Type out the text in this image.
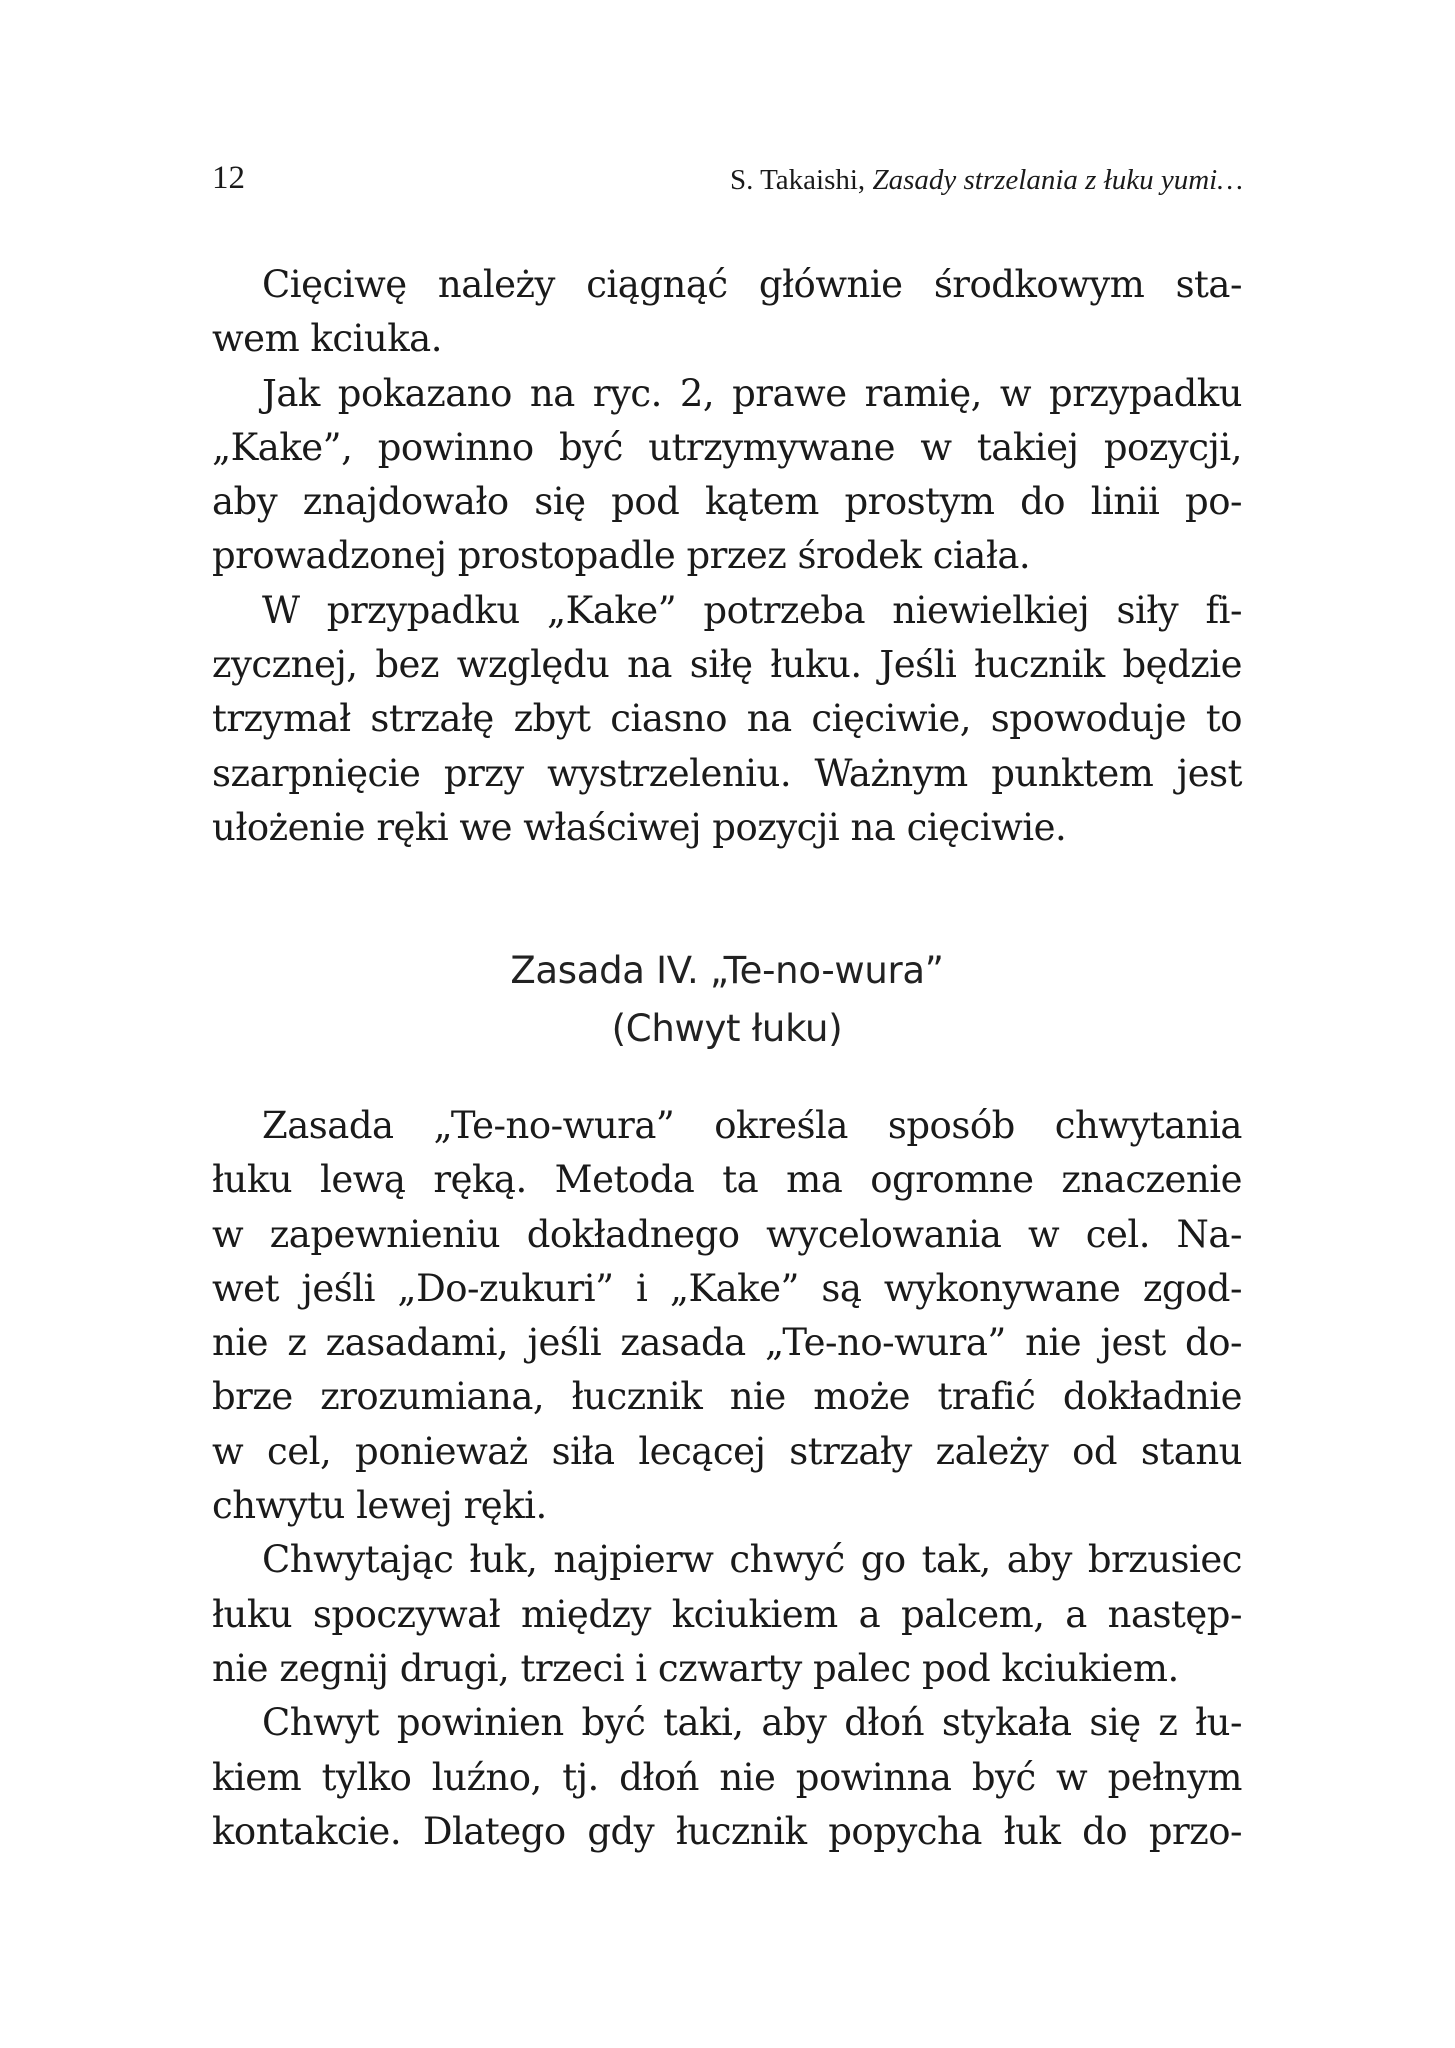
12	S. Takaishi, Zasady strzelania z łuku yumi…
Cięciwę należy ciągnąć głównie środkowym sta-
wem kciuka.
Jak pokazano na ryc. 2, prawe ramię, w przypadku
„Kake”, powinno być utrzymywane w takiej pozycji,
aby znajdowało się pod kątem prostym do linii po-
prowadzonej prostopadle przez środek ciała.
W przypadku „Kake” potrzeba niewielkiej siły fi-
zycznej, bez względu na siłę łuku. Jeśli łucznik będzie
trzymał strzałę zbyt ciasno na cięciwie, spowoduje to
szarpnięcie przy wystrzeleniu. Ważnym punktem jest
ułożenie ręki we właściwej pozycji na cięciwie.
Zasada IV. „Te-no-wura”
(Chwyt łuku)
Zasada „Te-no-wura” określa sposób chwytania
łuku lewą ręką. Metoda ta ma ogromne znaczenie
w zapewnieniu dokładnego wycelowania w cel. Na-
wet jeśli „Do-zukuri” i „Kake” są wykonywane zgod-
nie z zasadami, jeśli zasada „Te-no-wura” nie jest do-
brze zrozumiana, łucznik nie może trafić dokładnie
w cel, ponieważ siła lecącej strzały zależy od stanu
chwytu lewej ręki.
Chwytając łuk, najpierw chwyć go tak, aby brzusiec
łuku spoczywał między kciukiem a palcem, a następ-
nie zegnij drugi, trzeci i czwarty palec pod kciukiem.
Chwyt powinien być taki, aby dłoń stykała się z łu-
kiem tylko luźno, tj. dłoń nie powinna być w pełnym
kontakcie. Dlatego gdy łucznik popycha łuk do przo-
